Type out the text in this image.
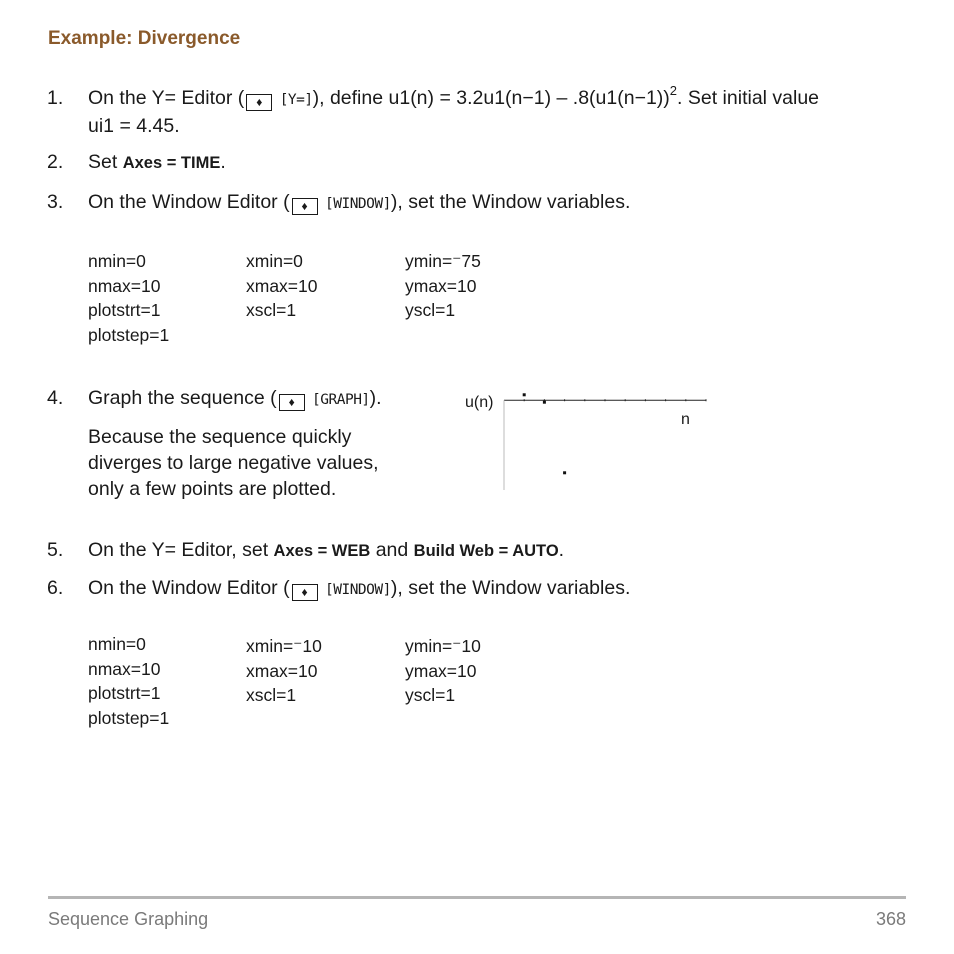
Example: Divergence
1. On the Y= Editor ( ♦ [Y=]), define $u1(n) = 3.2u1(n-1) - .8(u1(n-1))^2$. Set initial value
ui1 = 4.45.
2. Set Axes = TIME.
3. On the Window Editor ( ♦ [WINDOW]), set the Window variables.
nmin=0
nmax=10
plotstrt=1
plotstep=1
xmin=0
xmax=10
xscl=1
ymin=⁻75
ymax=10
yscl=1
4. Graph the sequence ( ♦ [GRAPH]).
Because the sequence quickly
diverges to large negative values,
only a few points are plotted.
u(n)
n
5. On the Y= Editor, set Axes = WEB and Build Web = AUTO.
6. On the Window Editor ( ♦ [WINDOW]), set the Window variables.
nmin=0
nmax=10
plotstrt=1
plotstep=1
xmin=⁻10
xmax=10
xscl=1
ymin=⁻10
ymax=10
yscl=1
Sequence Graphing	368
